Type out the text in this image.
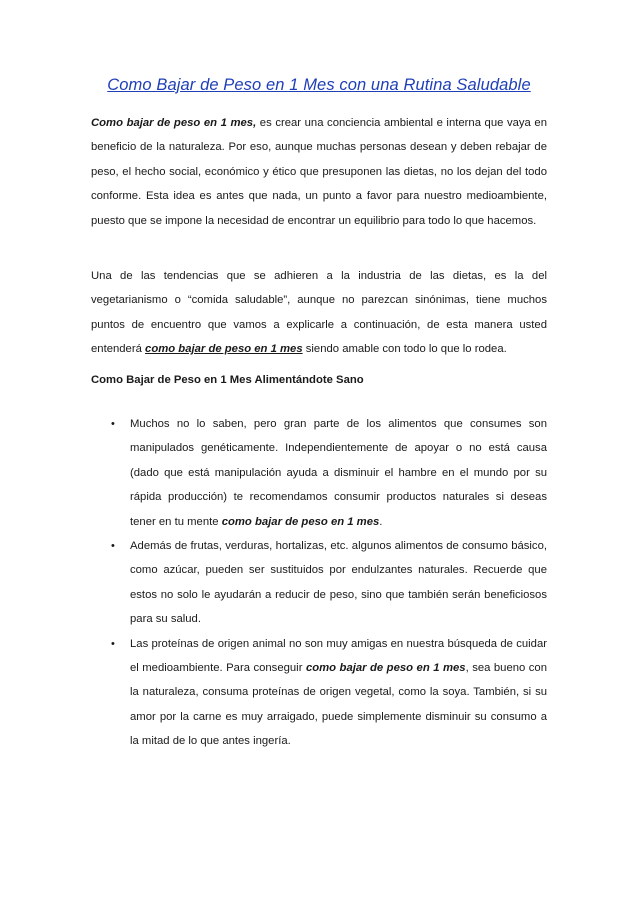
Como Bajar de Peso en 1 Mes con una Rutina Saludable
Como bajar de peso en 1 mes, es crear una conciencia ambiental e interna que vaya en beneficio de la naturaleza. Por eso, aunque muchas personas desean y deben rebajar de peso, el hecho social, económico y ético que presuponen las dietas, no los dejan del todo conforme. Esta idea es antes que nada, un punto a favor para nuestro medioambiente, puesto que se impone la necesidad de encontrar un equilibrio para todo lo que hacemos.
Una de las tendencias que se adhieren a la industria de las dietas, es la del vegetarianismo o “comida saludable”, aunque no parezcan sinónimas, tiene muchos puntos de encuentro que vamos a explicarle a continuación, de esta manera usted entenderá como bajar de peso en 1 mes siendo amable con todo lo que lo rodea.
Como Bajar de Peso en 1 Mes Alimentándote Sano
• Muchos no lo saben, pero gran parte de los alimentos que consumes son manipulados genéticamente. Independientemente de apoyar o no está causa (dado que está manipulación ayuda a disminuir el hambre en el mundo por su rápida producción) te recomendamos consumir productos naturales si deseas tener en tu mente como bajar de peso en 1 mes.
• Además de frutas, verduras, hortalizas, etc. algunos alimentos de consumo básico, como azúcar, pueden ser sustituidos por endulzantes naturales. Recuerde que estos no solo le ayudarán a reducir de peso, sino que también serán beneficiosos para su salud.
• Las proteínas de origen animal no son muy amigas en nuestra búsqueda de cuidar el medioambiente. Para conseguir como bajar de peso en 1 mes, sea bueno con la naturaleza, consuma proteínas de origen vegetal, como la soya. También, si su amor por la carne es muy arraigado, puede simplemente disminuir su consumo a la mitad de lo que antes ingería.
